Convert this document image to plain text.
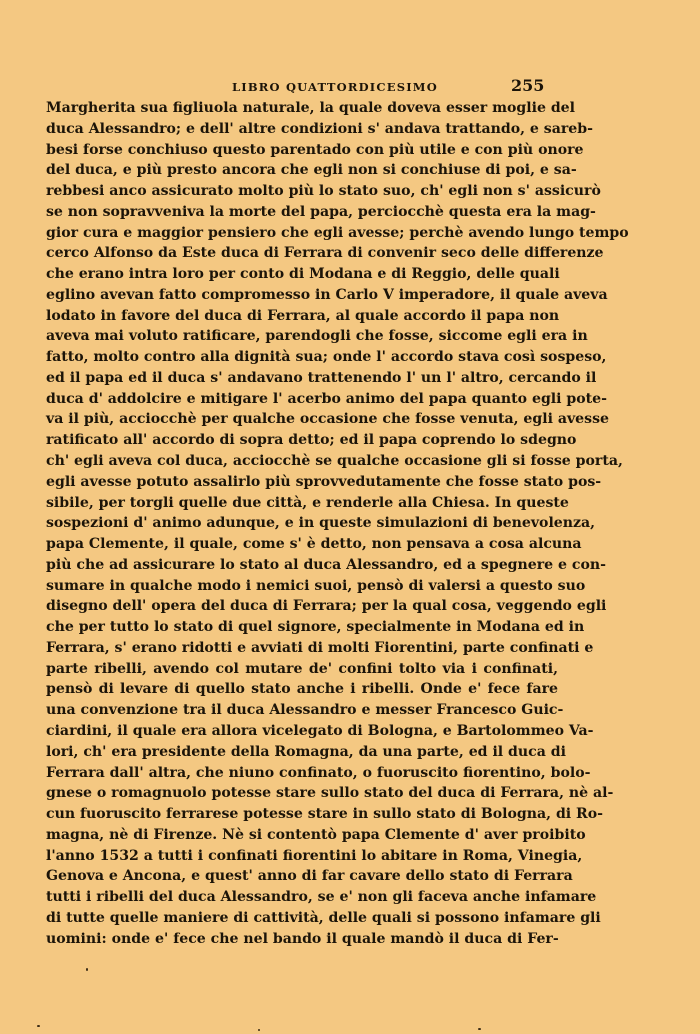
LIBRO QUATTORDICESIMO	255
Margherita sua figliuola naturale, la quale doveva esser moglie del
duca Alessandro; e dell' altre condizioni s' andava trattando, e sareb-
besi forse conchiuso questo parentado con più utile e con più onore
del duca, e più presto ancora che egli non si conchiuse di poi, e sa-
rebbesi anco assicurato molto più lo stato suo, ch' egli non s' assicurò
se non sopravveniva la morte del papa, perciocchè questa era la mag-
gior cura e maggior pensiero che egli avesse; perchè avendo lungo tempo
cerco Alfonso da Este duca di Ferrara di convenir seco delle differenze
che erano intra loro per conto di Modana e di Reggio, delle quali
eglino avevan fatto compromesso in Carlo V imperadore, il quale aveva
lodato in favore del duca di Ferrara, al quale accordo il papa non
aveva mai voluto ratificare, parendogli che fosse, siccome egli era in
fatto, molto contro alla dignità sua; onde l' accordo stava così sospeso,
ed il papa ed il duca s' andavano trattenendo l' un l' altro, cercando il
duca d' addolcire e mitigare l' acerbo animo del papa quanto egli pote-
va il più, acciocchè per qualche occasione che fosse venuta, egli avesse
ratificato all' accordo di sopra detto; ed il papa coprendo lo sdegno
ch' egli aveva col duca, acciocchè se qualche occasione gli si fosse porta,
egli avesse potuto assalirlo più sprovvedutamente che fosse stato pos-
sibile, per torgli quelle due città, e renderle alla Chiesa. In queste
sospezioni d' animo adunque, e in queste simulazioni di benevolenza,
papa Clemente, il quale, come s' è detto, non pensava a cosa alcuna
più che ad assicurare lo stato al duca Alessandro, ed a spegnere e con-
sumare in qualche modo i nemici suoi, pensò di valersi a questo suo
disegno dell' opera del duca di Ferrara; per la qual cosa, veggendo egli
che per tutto lo stato di quel signore, specialmente in Modana ed in
Ferrara, s' erano ridotti e avviati di molti Fiorentini, parte confinati e
parte ribelli, avendo col mutare de' confini tolto via i confinati,
pensò di levare di quello stato anche i ribelli. Onde e' fece fare
una convenzione tra il duca Alessandro e messer Francesco Guic-
ciardini, il quale era allora vicelegato di Bologna, e Bartolommeo Va-
lori, ch' era presidente della Romagna, da una parte, ed il duca di
Ferrara dall' altra, che niuno confinato, o fuoruscito fiorentino, bolo-
gnese o romagnuolo potesse stare sullo stato del duca di Ferrara, nè al-
cun fuoruscito ferrarese potesse stare in sullo stato di Bologna, di Ro-
magna, nè di Firenze. Nè si contentò papa Clemente d' aver proibito
l'anno 1532 a tutti i confinati fiorentini lo abitare in Roma, Vinegia,
Genova e Ancona, e quest' anno di far cavare dello stato di Ferrara
tutti i ribelli del duca Alessandro, se e' non gli faceva anche infamare
di tutte quelle maniere di cattività, delle quali si possono infamare gli
uomini: onde e' fece che nel bando il quale mandò il duca di Fer-
